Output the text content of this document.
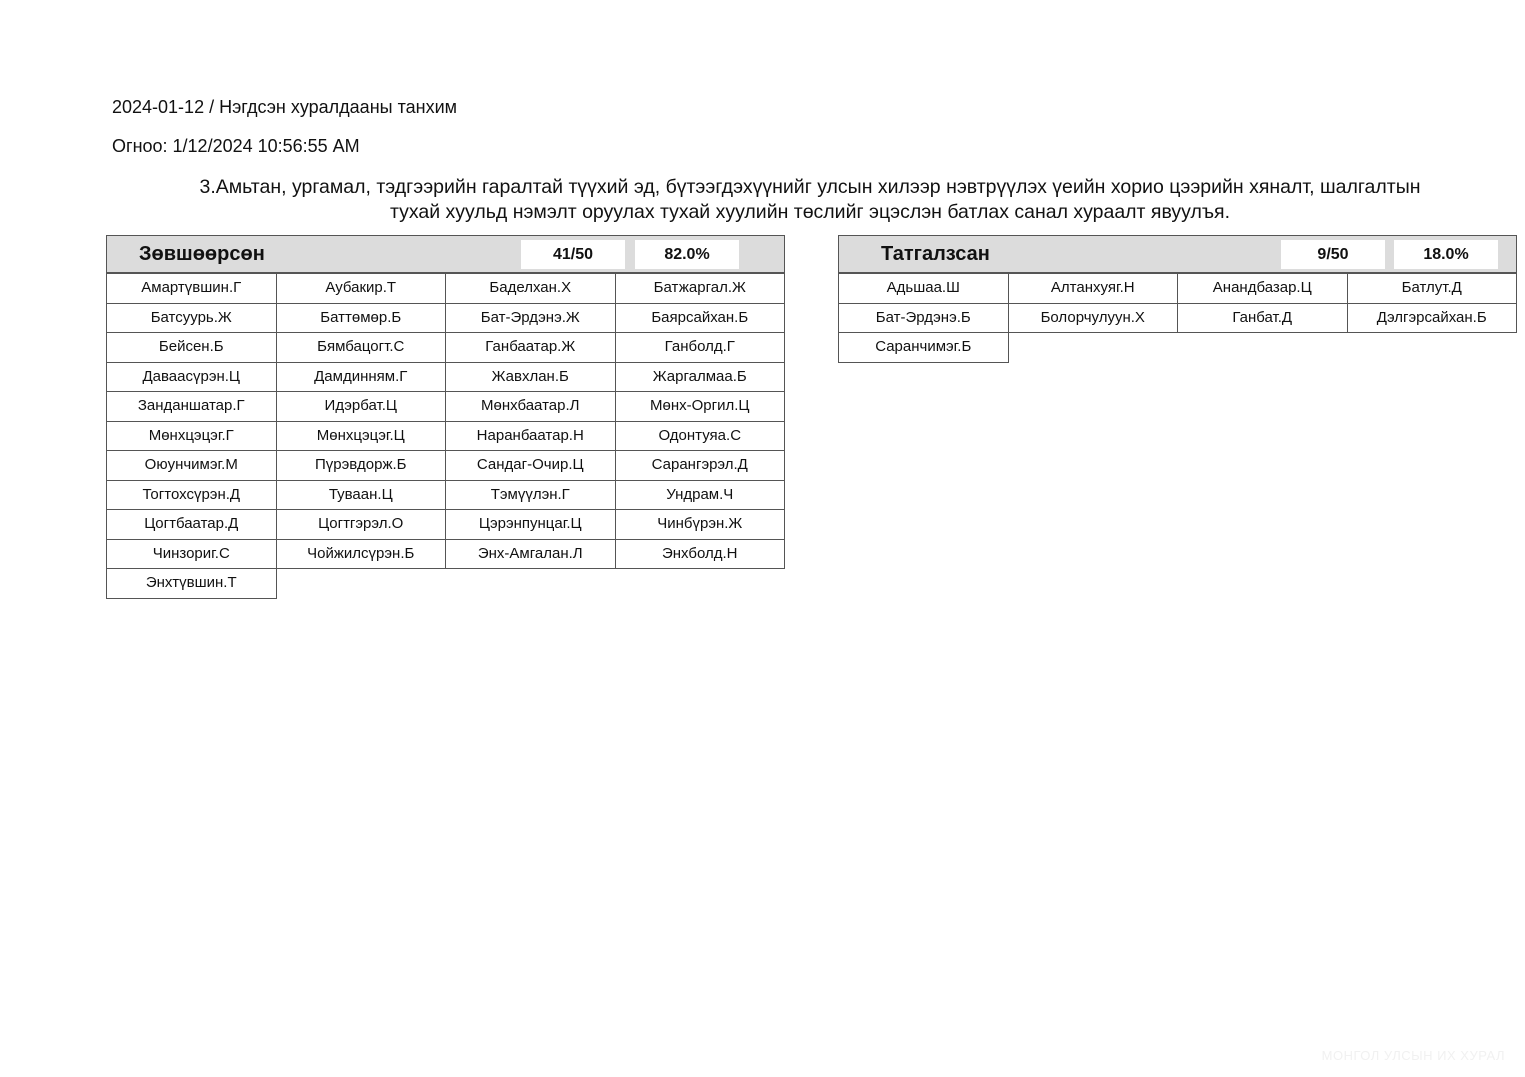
2024-01-12 / Нэгдсэн хуралдааны танхим
Огноо: 1/12/2024 10:56:55 AM
3.Амьтан, ургамал, тэдгээрийн гаралтай түүхий эд, бүтээгдэхүүнийг улсын хилээр нэвтрүүлэх үеийн хорио цээрийн хяналт, шалгалтын
тухай хуульд нэмэлт оруулах тухай хуулийн төслийг эцэслэн батлах санал хураалт явуулъя.
Зөвшөөрсөн	41/50	82.0%
Амартүвшин.Г	Аубакир.Т	Баделхан.Х	Батжаргал.Ж
Батсуурь.Ж	Баттөмөр.Б	Бат-Эрдэнэ.Ж	Баярсайхан.Б
Бейсен.Б	Бямбацогт.С	Ганбаатар.Ж	Ганболд.Г
Даваасүрэн.Ц	Дамдинням.Г	Жавхлан.Б	Жаргалмаа.Б
Занданшатар.Г	Идэрбат.Ц	Мөнхбаатар.Л	Мөнх-Оргил.Ц
Мөнхцэцэг.Г	Мөнхцэцэг.Ц	Наранбаатар.Н	Одонтуяа.С
Оюунчимэг.М	Пүрэвдорж.Б	Сандаг-Очир.Ц	Сарангэрэл.Д
Тогтохсүрэн.Д	Туваан.Ц	Тэмүүлэн.Г	Ундрам.Ч
Цогтбаатар.Д	Цогтгэрэл.О	Цэрэнпунцаг.Ц	Чинбүрэн.Ж
Чинзориг.С	Чойжилсүрэн.Б	Энх-Амгалан.Л	Энхболд.Н
Энхтүвшин.Т
Татгалзсан	9/50	18.0%
Адьшаа.Ш	Алтанхуяг.Н	Анандбазар.Ц	Батлут.Д
Бат-Эрдэнэ.Б	Болорчулуун.Х	Ганбат.Д	Дэлгэрсайхан.Б
Саранчимэг.Б
МОНГОЛ УЛСЫН ИХ ХУРАЛ
